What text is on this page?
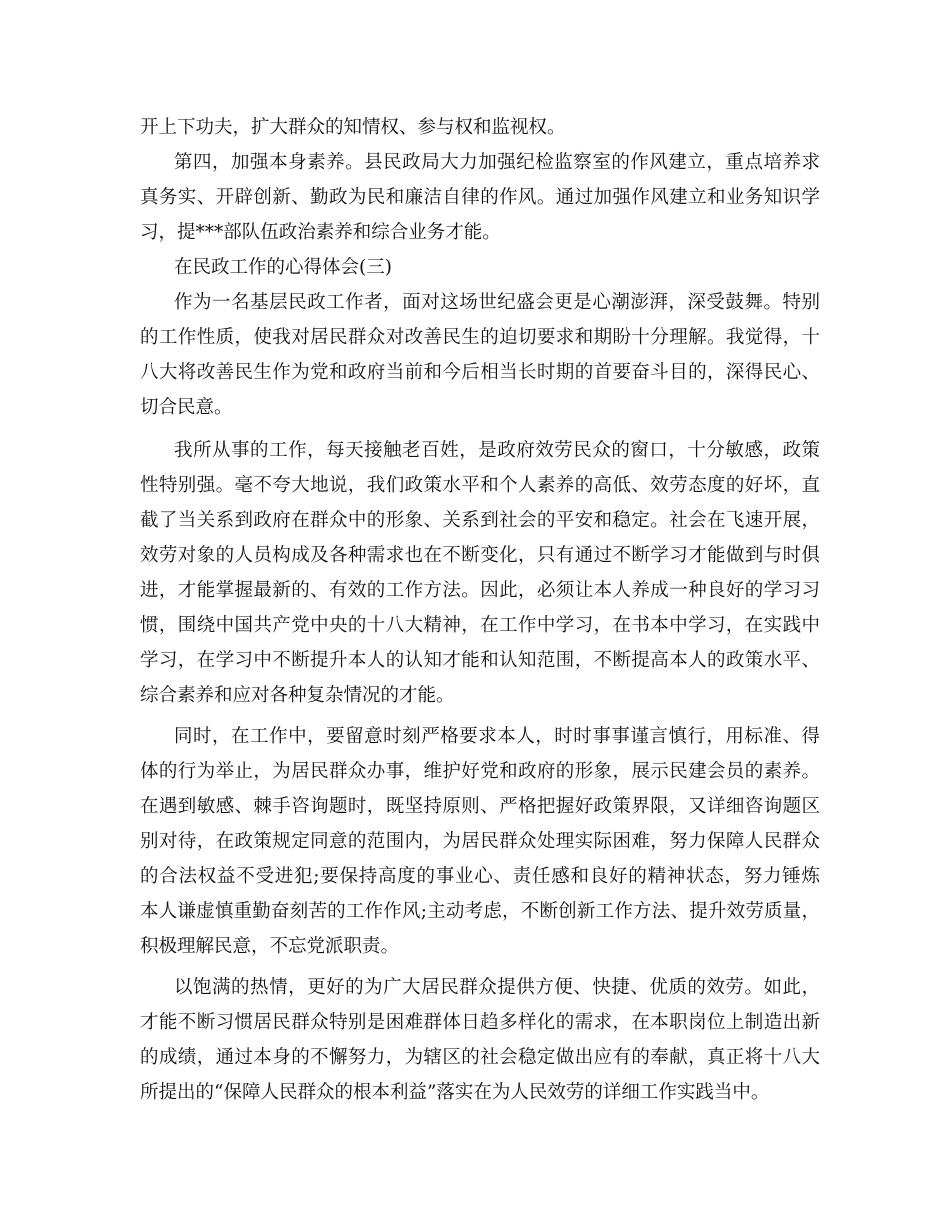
开上下功夫，扩大群众的知情权、参与权和监视权。
第四，加强本身素养。县民政局大力加强纪检监察室的作风建立，重点培养求
真务实、开辟创新、勤政为民和廉洁自律的作风。通过加强作风建立和业务知识学
习，提***部队伍政治素养和综合业务才能。
在民政工作的心得体会(三)
作为一名基层民政工作者，面对这场世纪盛会更是心潮澎湃，深受鼓舞。特别
的工作性质，使我对居民群众对改善民生的迫切要求和期盼十分理解。我觉得，十
八大将改善民生作为党和政府当前和今后相当长时期的首要奋斗目的，深得民心、
切合民意。
我所从事的工作，每天接触老百姓，是政府效劳民众的窗口，十分敏感，政策
性特别强。毫不夸大地说，我们政策水平和个人素养的高低、效劳态度的好坏，直
截了当关系到政府在群众中的形象、关系到社会的平安和稳定。社会在飞速开展，
效劳对象的人员构成及各种需求也在不断变化，只有通过不断学习才能做到与时俱
进，才能掌握最新的、有效的工作方法。因此，必须让本人养成一种良好的学习习
惯，围绕中国共产党中央的十八大精神，在工作中学习，在书本中学习，在实践中
学习，在学习中不断提升本人的认知才能和认知范围，不断提高本人的政策水平、
综合素养和应对各种复杂情况的才能。
同时，在工作中，要留意时刻严格要求本人，时时事事谨言慎行，用标准、得
体的行为举止，为居民群众办事，维护好党和政府的形象，展示民建会员的素养。
在遇到敏感、棘手咨询题时，既坚持原则、严格把握好政策界限，又详细咨询题区
别对待，在政策规定同意的范围内，为居民群众处理实际困难，努力保障人民群众
的合法权益不受进犯;要保持高度的事业心、责任感和良好的精神状态，努力锤炼
本人谦虚慎重勤奋刻苦的工作作风;主动考虑，不断创新工作方法、提升效劳质量，
积极理解民意，不忘党派职责。
以饱满的热情，更好的为广大居民群众提供方便、快捷、优质的效劳。如此，
才能不断习惯居民群众特别是困难群体日趋多样化的需求，在本职岗位上制造出新
的成绩，通过本身的不懈努力，为辖区的社会稳定做出应有的奉献，真正将十八大
所提出的“保障人民群众的根本利益”落实在为人民效劳的详细工作实践当中。
